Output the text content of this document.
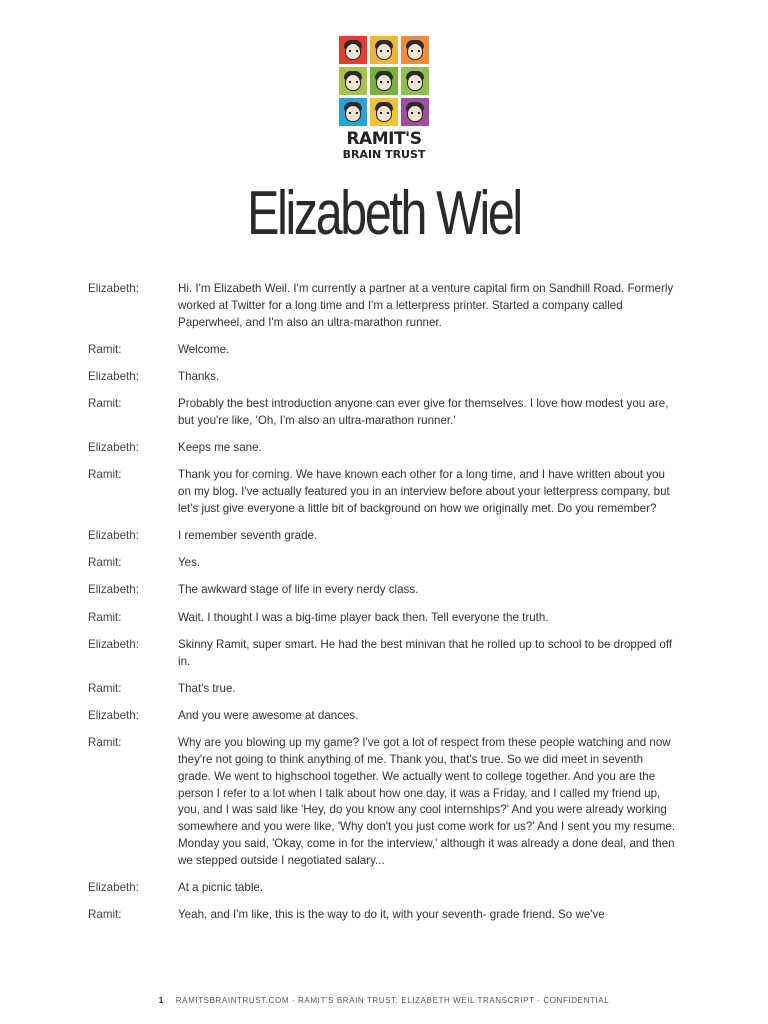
RAMIT'S
BRAIN TRUST
Elizabeth Wiel
Elizabeth:	Hi. I'm Elizabeth Weil. I'm currently a partner at a venture capital firm on Sandhill Road. Formerly worked at Twitter for a long time and I'm a letterpress printer. Started a company called Paperwheel, and I'm also an ultra-marathon runner.
Ramit:	Welcome.
Elizabeth:	Thanks.
Ramit:	Probably the best introduction anyone can ever give for themselves. I love how modest you are, but you're like, 'Oh, I'm also an ultra-marathon runner.'
Elizabeth:	Keeps me sane.
Ramit:	Thank you for coming. We have known each other for a long time, and I have written about you on my blog. I've actually featured you in an interview before about your letterpress company, but let's just give everyone a little bit of background on how we originally met. Do you remember?
Elizabeth:	I remember seventh grade.
Ramit:	Yes.
Elizabeth:	The awkward stage of life in every nerdy class.
Ramit:	Wait. I thought I was a big-time player back then. Tell everyone the truth.
Elizabeth:	Skinny Ramit, super smart. He had the best minivan that he rolled up to school to be dropped off in.
Ramit:	That's true.
Elizabeth:	And you were awesome at dances.
Ramit:	Why are you blowing up my game? I've got a lot of respect from these people watching and now they're not going to think anything of me. Thank you, that's true. So we did meet in seventh grade. We went to highschool together. We actually went to college together. And you are the person I refer to a lot when I talk about how one day, it was a Friday, and I called my friend up, you, and I was said like 'Hey, do you know any cool internships?' And you were already working somewhere and you were like, 'Why don't you just come work for us?' And I sent you my resume. Monday you said, 'Okay, come in for the interview,' although it was already a done deal, and then we stepped outside I negotiated salary...
Elizabeth:	At a picnic table.
Ramit:	Yeah, and I'm like, this is the way to do it, with your seventh- grade friend. So we've
1 RAMITSBRAINTRUST.COM · RAMIT'S BRAIN TRUST: ELIZABETH WEIL TRANSCRIPT · CONFIDENTIAL
